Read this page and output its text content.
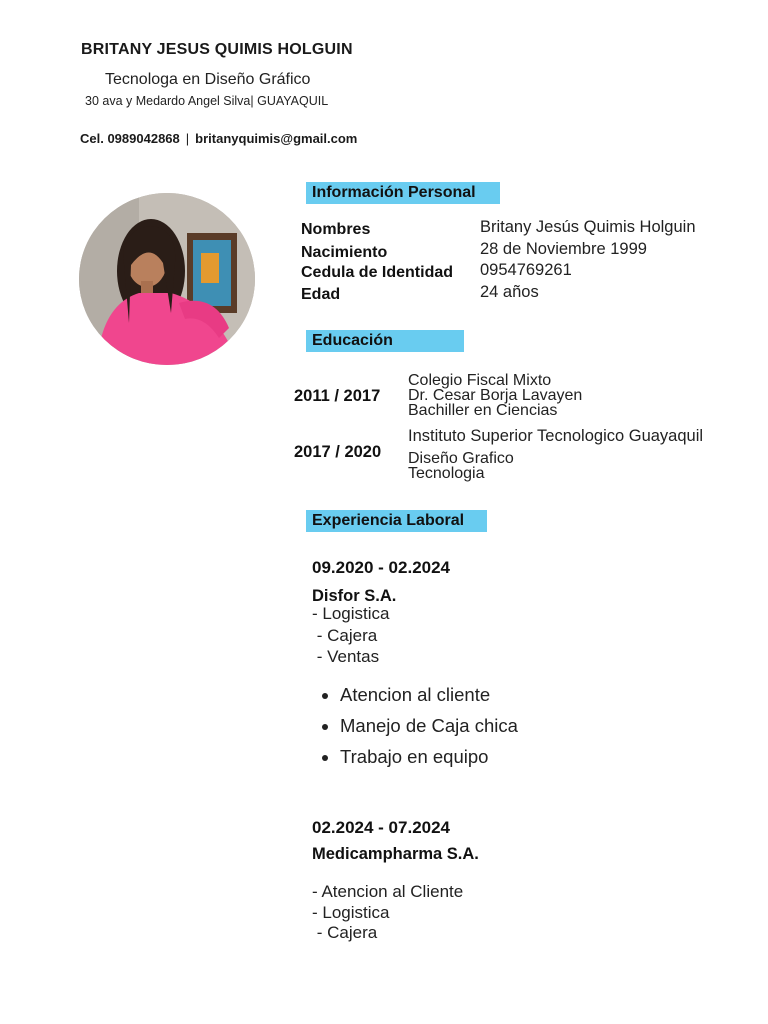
BRITANY JESUS QUIMIS HOLGUIN
Tecnologa en Diseño Gráfico
30 ava y Medardo Angel Silva| GUAYAQUIL
Cel. 0989042868 | britanyquimis@gmail.com
Información Personal
Nombres
Nacimiento
Cedula de Identidad
Edad
Britany Jesús Quimis Holguin
28 de Noviembre 1999
0954769261
24 años
Educación
2011 / 2017
Colegio Fiscal Mixto
Dr. Cesar Borja Lavayen
Bachiller en Ciencias
2017 / 2020
Instituto Superior Tecnologico Guayaquil
Diseño Grafico
Tecnologia
Experiencia Laboral
09.2020 - 02.2024
Disfor S.A.
- Logistica
- Cajera
- Ventas
• Atencion al cliente
• Manejo de Caja chica
• Trabajo en equipo
02.2024 - 07.2024
Medicampharma S.A.
- Atencion al Cliente
- Logistica
- Cajera
